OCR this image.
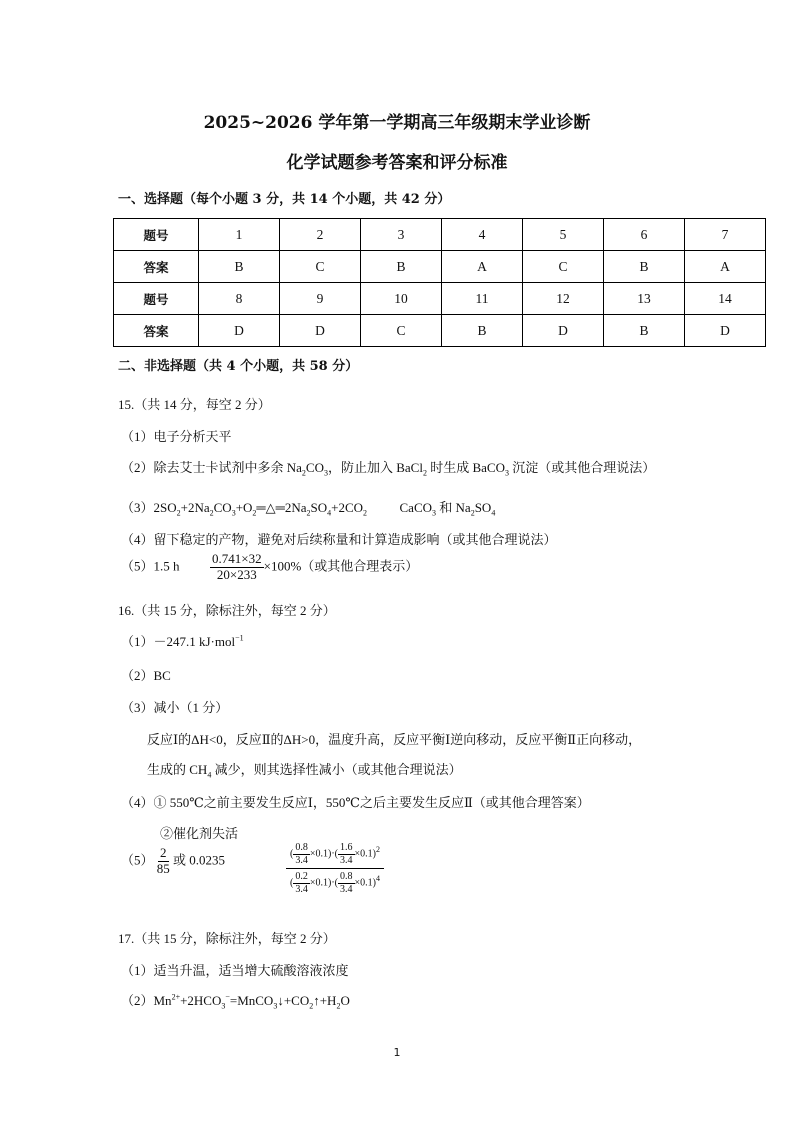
2025~2026 学年第一学期高三年级期末学业诊断
化学试题参考答案和评分标准
一、选择题（每个小题 3 分，共 14 个小题，共 42 分）
题号	1	2	3	4	5	6	7
答案	B	C	B	A	C	B	A
题号	8	9	10	11	12	13	14
答案	D	D	C	B	D	B	D
二、非选择题（共 4 个小题，共 58 分）
15.（共 14 分，每空 2 分）
（1）电子分析天平
（2）除去艾士卡试剂中多余 $Na_2CO_3$，防止加入 BaCl$_2$ 时生成 BaCO$_3$ 沉淀（或其他合理说法）
$(3)2SO_2+2Na_2CO_3+O_2═\triangle═2Na_2SO_4+2CO_2$          CaCO$_3$ 和 $Na_2SO_4$
（4）留下稳定的产物，避免对后续称量和计算造成影响（或其他合理说法）
16.（共 15 分，除标注外，每空 2 分）
（1）－247.1 kJ·mol$^{-1}$
（2）BC
（3）减小（1 分）
反应Ⅰ的ΔH<0，反应Ⅱ的ΔH>0，温度升高，反应平衡Ⅰ逆向移动，反应平衡Ⅱ正向移动，
生成的 $CH_4$ 减少，则其选择性减小（或其他合理说法）
（4）① 550℃之前主要发生反应Ⅰ，550℃之后主要发生反应Ⅱ（或其他合理答案）
②催化剂失活
17.（共 15 分，除标注外，每空 2 分）
（1）适当升温，适当增大硫酸溶液浓度
$(2)Mn^{2+}+2HCO_3^-=MnCO_3↓+CO_2↑+H_2O$
（5）1.5 h $\frac{0.741\times 32}{20\times 233} \times 100\%$（或其他合理表示）
$(5) \frac{2}{85}$ 或 0.0235	( $\frac{0.8}{3.4} \times 0.1)\cdot( \frac{1.6}{3.4} \times 0.1)^2$
( $\frac{0.2}{3.4} \times 0.1)\cdot( \frac{0.8}{3.4} \times 0.1)^4$
1
